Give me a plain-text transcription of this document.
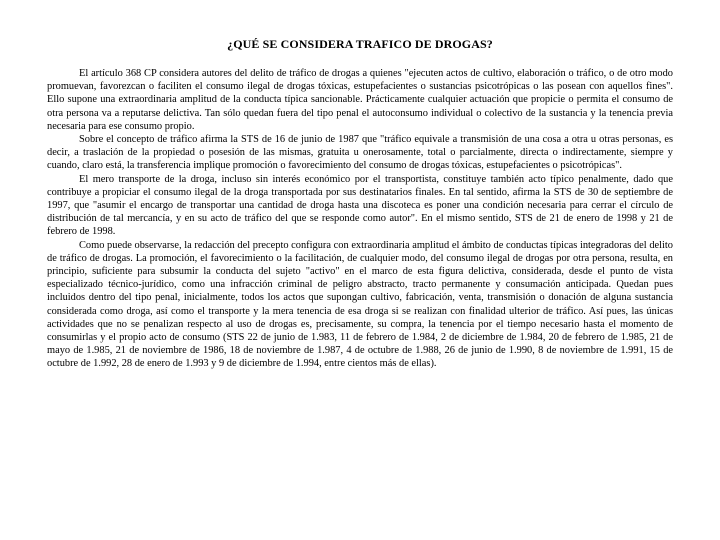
¿QUÉ SE CONSIDERA TRAFICO DE DROGAS?

El artículo 368 CP considera autores del delito de tráfico de drogas a quienes "ejecuten actos de cultivo, elaboración o tráfico, o de otro modo promuevan, favorezcan o faciliten el consumo ilegal de drogas tóxicas, estupefacientes o sustancias psicotrópicas o las posean con aquellos fines". Ello supone una extraordinaria amplitud de la conducta típica sancionable. Prácticamente cualquier actuación que propicie o permita el consumo de otra persona va a reputarse delictiva. Tan sólo quedan fuera del tipo penal el autoconsumo individual o colectivo de la sustancia y la tenencia previa necesaria para ese consumo propio.

Sobre el concepto de tráfico afirma la STS de 16 de junio de 1987 que "tráfico equivale a transmisión de una cosa a otra u otras personas, es decir, a traslación de la propiedad o posesión de las mismas, gratuita u onerosamente, total o parcialmente, directa o indirectamente, siempre y cuando, claro está, la transferencia implique promoción o favorecimiento del consumo de drogas tóxicas, estupefacientes o psicotrópicas".

El mero transporte de la droga, incluso sin interés económico por el transportista, constituye también acto típico penalmente, dado que contribuye a propiciar el consumo ilegal de la droga transportada por sus destinatarios finales. En tal sentido, afirma la STS de 30 de septiembre de 1997, que "asumir el encargo de transportar una cantidad de droga hasta una discoteca es poner una condición necesaria para cerrar el círculo de distribución de tal mercancía, y en su acto de tráfico del que se responde como autor". En el mismo sentido, STS de 21 de enero de 1998 y 21 de febrero de 1998.

Como puede observarse, la redacción del precepto configura con extraordinaria amplitud el ámbito de conductas típicas integradoras del delito de tráfico de drogas. La promoción, el favorecimiento o la facilitación, de cualquier modo, del consumo ilegal de drogas por otra persona, resulta, en principio, suficiente para subsumir la conducta del sujeto "activo" en el marco de esta figura delictiva, considerada, desde el punto de vista especializado técnico-jurídico, como una infracción criminal de peligro abstracto, tracto permanente y consumación anticipada. Quedan pues incluidos dentro del tipo penal, inicialmente, todos los actos que supongan cultivo, fabricación, venta, transmisión o donación de alguna sustancia considerada como droga, así como el transporte y la mera tenencia de esa droga si se realizan con finalidad ulterior de tráfico. Así pues, las únicas actividades que no se penalizan respecto al uso de drogas es, precisamente, su compra, la tenencia por el tiempo necesario hasta el momento de consumirlas y el propio acto de consumo (STS 22 de junio de 1.983, 11 de febrero de 1.984, 2 de diciembre de 1.984, 20 de febrero de 1.985, 21 de mayo de 1.985, 21 de noviembre de 1986, 18 de noviembre de 1.987, 4 de octubre de 1.988, 26 de junio de 1.990, 8 de noviembre de 1.991, 15 de octubre de 1.992, 28 de enero de 1.993 y 9 de diciembre de 1.994, entre cientos más de ellas).
